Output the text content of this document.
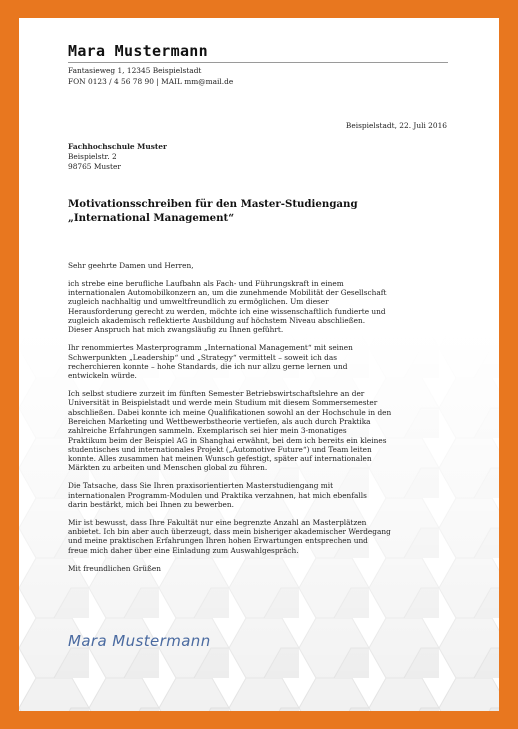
Mara Mustermann
Fantasieweg 1, 12345 Beispielstadt
FON 0123 / 4 56 78 90 | MAIL mm@mail.de
Beispielstadt, 22. Juli 2016
Fachhochschule Muster
Beispielstr. 2
98765 Muster
Motivationsschreiben für den Master-Studiengang
„International Management“

Sehr geehrte Damen und Herren,

ich strebe eine berufliche Laufbahn als Fach- und Führungskraft in einem
internationalen Automobilkonzern an, um die zunehmende Mobilität der Gesellschaft
zugleich nachhaltig und umweltfreundlich zu ermöglichen. Um dieser
Herausforderung gerecht zu werden, möchte ich eine wissenschaftlich fundierte und
zugleich akademisch reflektierte Ausbildung auf höchstem Niveau abschließen.
Dieser Anspruch hat mich zwangsläufig zu Ihnen geführt.

Ihr renommiertes Masterprogramm „International Management“ mit seinen
Schwerpunkten „Leadership“ und „Strategy“ vermittelt – soweit ich das
recherchieren konnte – hohe Standards, die ich nur allzu gerne lernen und
entwickeln würde.

Ich selbst studiere zurzeit im fünften Semester Betriebswirtschaftslehre an der
Universität in Beispielstadt und werde mein Studium mit diesem Sommersemester
abschließen. Dabei konnte ich meine Qualifikationen sowohl an der Hochschule in den
Bereichen Marketing und Wettbewerbstheorie vertiefen, als auch durch Praktika
zahlreiche Erfahrungen sammeln. Exemplarisch sei hier mein 3-monatiges
Praktikum beim der Beispiel AG in Shanghai erwähnt, bei dem ich bereits ein kleines
studentisches und internationales Projekt („Automotive Future“) und Team leiten
konnte. Alles zusammen hat meinen Wunsch gefestigt, später auf internationalen
Märkten zu arbeiten und Menschen global zu führen.

Die Tatsache, dass Sie Ihren praxisorientierten Masterstudiengang mit
internationalen Programm-Modulen und Praktika verzahnen, hat mich ebenfalls
darin bestärkt, mich bei Ihnen zu bewerben.

Mir ist bewusst, dass Ihre Fakultät nur eine begrenzte Anzahl an Masterplätzen
anbietet. Ich bin aber auch überzeugt, dass mein bisheriger akademischer Werdegang
und meine praktischen Erfahrungen Ihren hohen Erwartungen entsprechen und
freue mich daher über eine Einladung zum Auswahlgespräch.

Mit freundlichen Grüßen

Mara Mustermann
